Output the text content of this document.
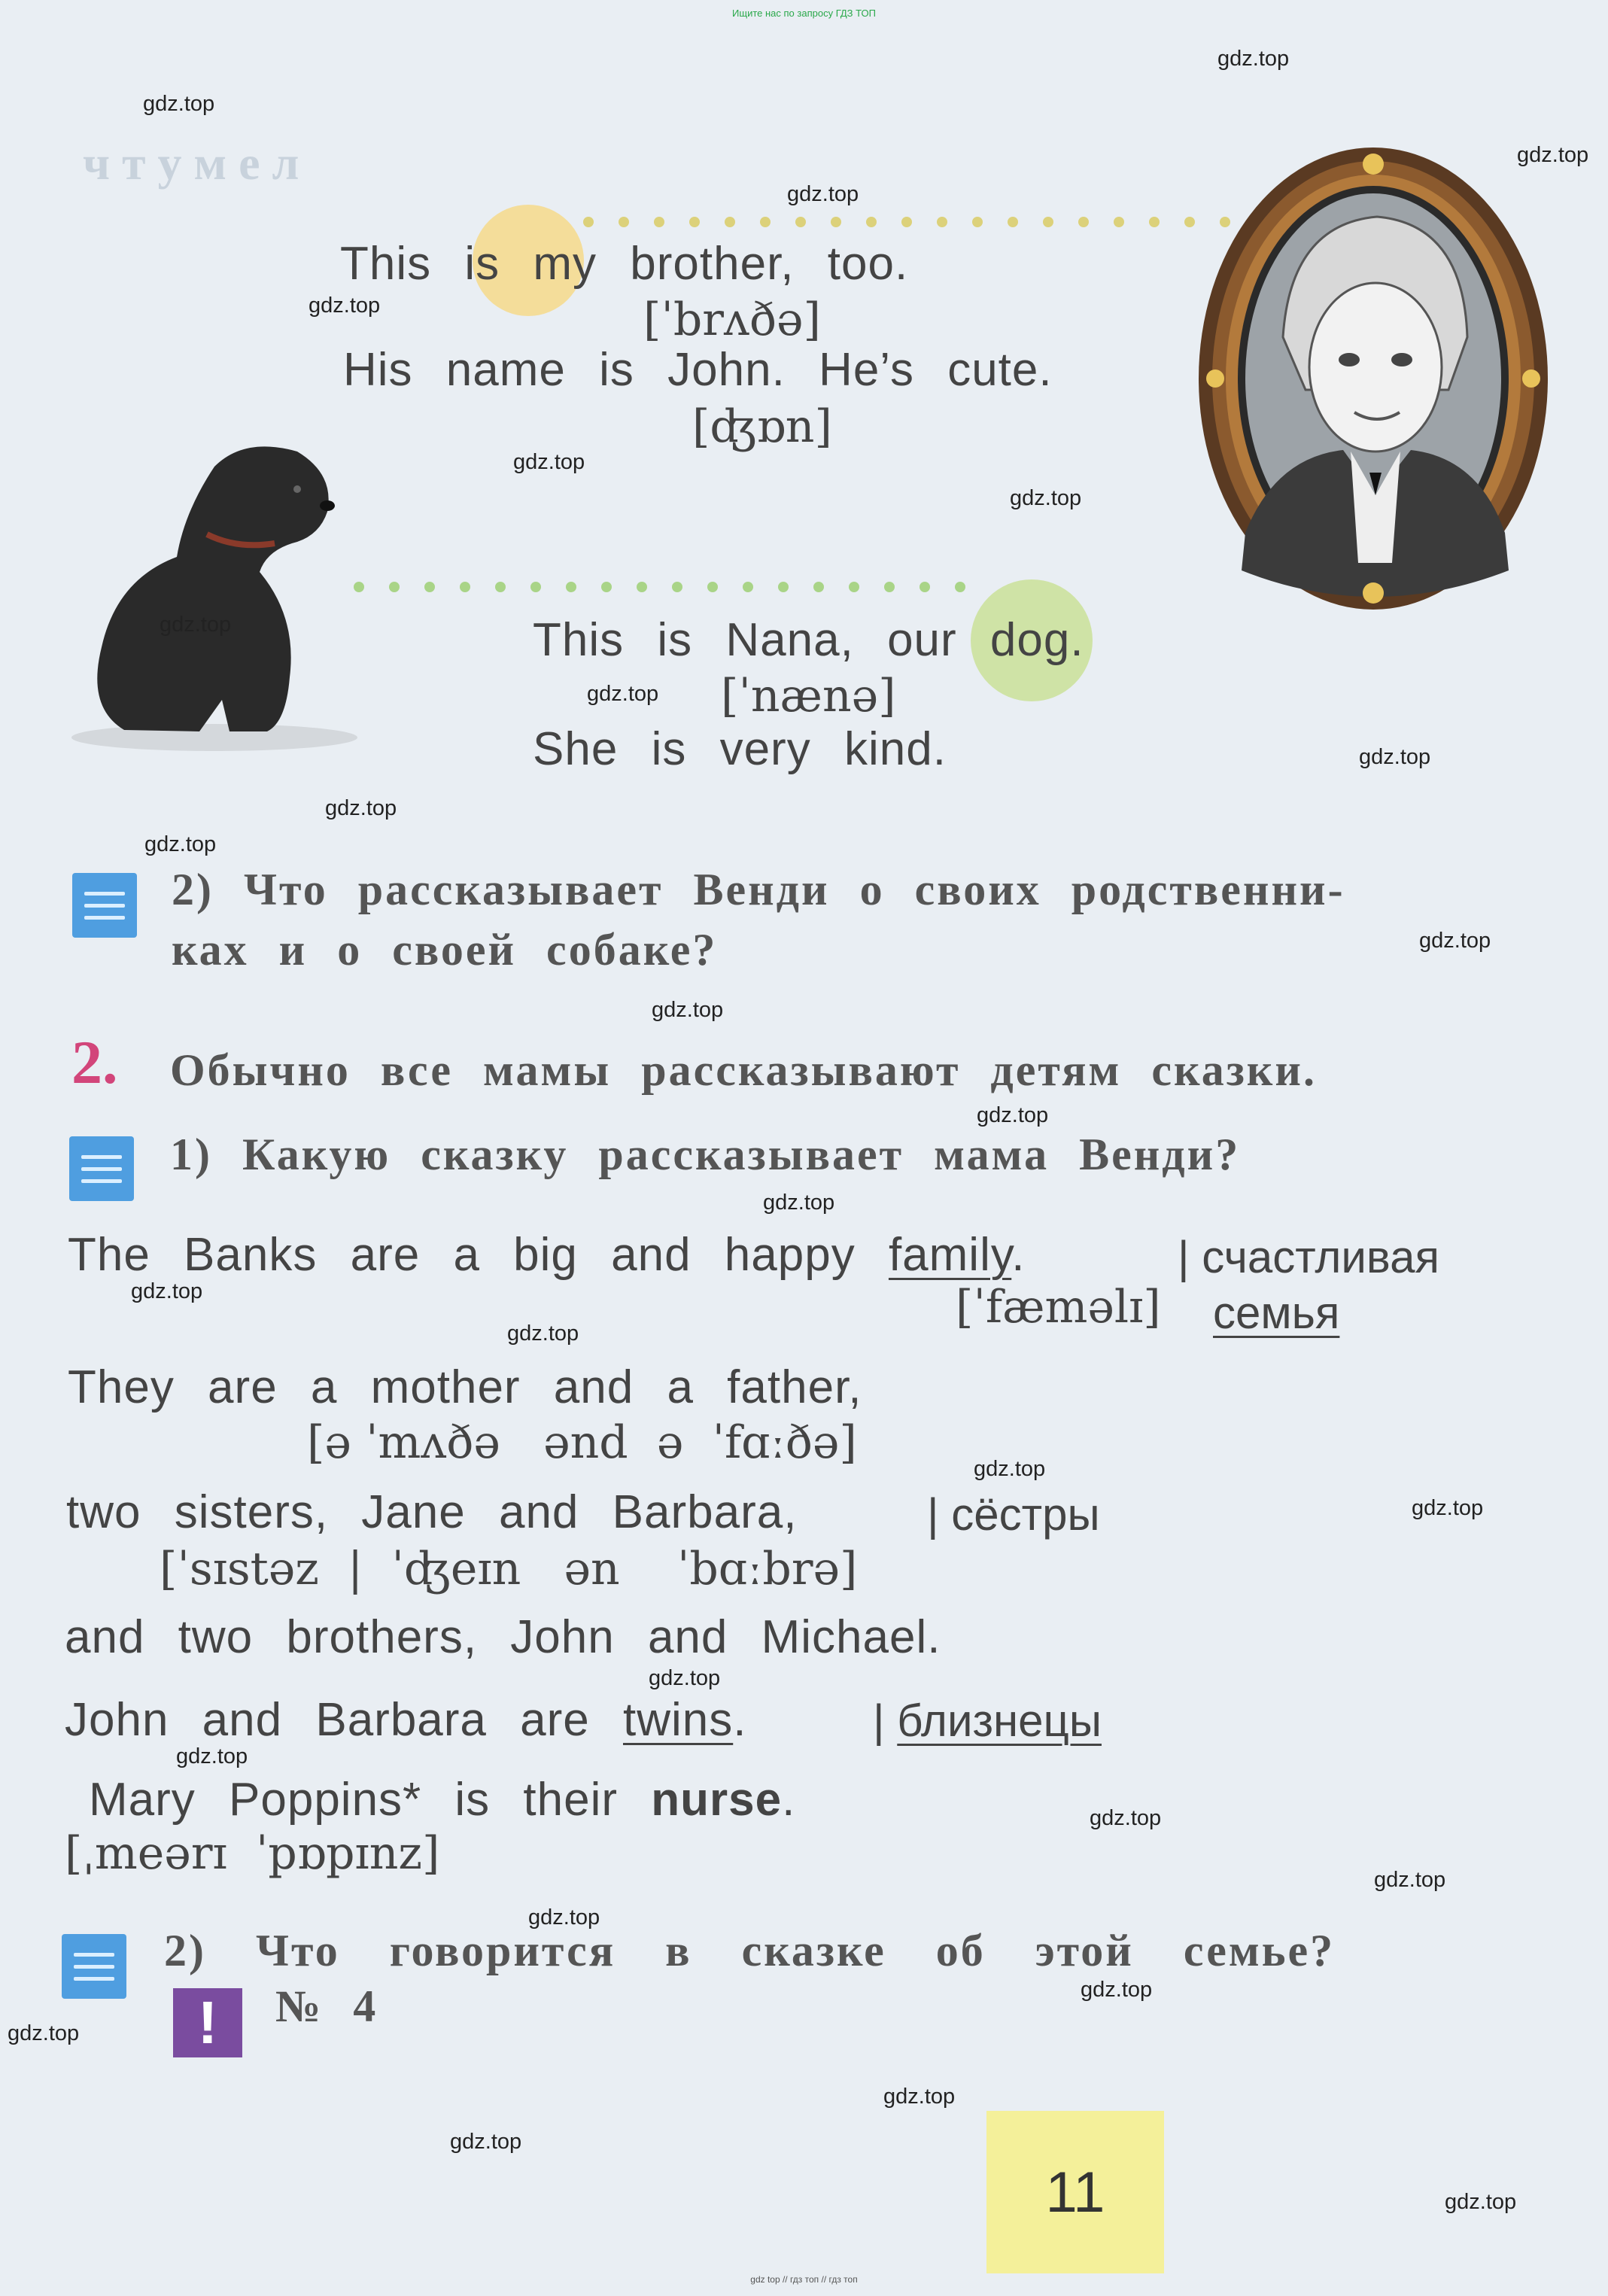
Ищите нас по запросу ГДЗ ТОП
gdz top // гдз топ // гдз топ
ч т у м е л
This is my brother, too.
[ˈbrʌðə]
His name is John. He’s cute.
[ʤɒn]
This is Nana, our dog.
[ˈnænə]
She is very kind.
2) Что рассказывает Венди о своих родственни-
ках и о своей собаке?
2. Обычно все мамы рассказывают детям сказки.
1) Какую сказку рассказывает мама Венди?
The Banks are a big and happy family.	| счастливая
[ˈfæməlɪ] семья
They are a mother and a father,
[ə ˈmʌðə   ənd  ə  ˈfɑːðə]
two sisters, Jane and Barbara,	| сёстры
[ˈsɪstəz  |  ˈʤeɪn   ən    ˈbɑːbrə]
and two brothers, John and Michael.
John and Barbara are twins.	| близнецы
Mary Poppins* is their nurse.
[ˌmeərɪ  ˈpɒpɪnz]
2) Что говорится в сказке об этой семье?
!	№ 4
11
gdz.top
gdz.top
gdz.top
gdz.top
gdz.top
gdz.top
gdz.top
gdz.top
gdz.top
gdz.top
gdz.top
gdz.top
gdz.top
gdz.top
gdz.top
gdz.top
gdz.top
gdz.top
gdz.top
gdz.top
gdz.top
gdz.top
gdz.top
gdz.top
gdz.top
gdz.top
gdz.top
gdz.top
gdz.top
gdz.top
